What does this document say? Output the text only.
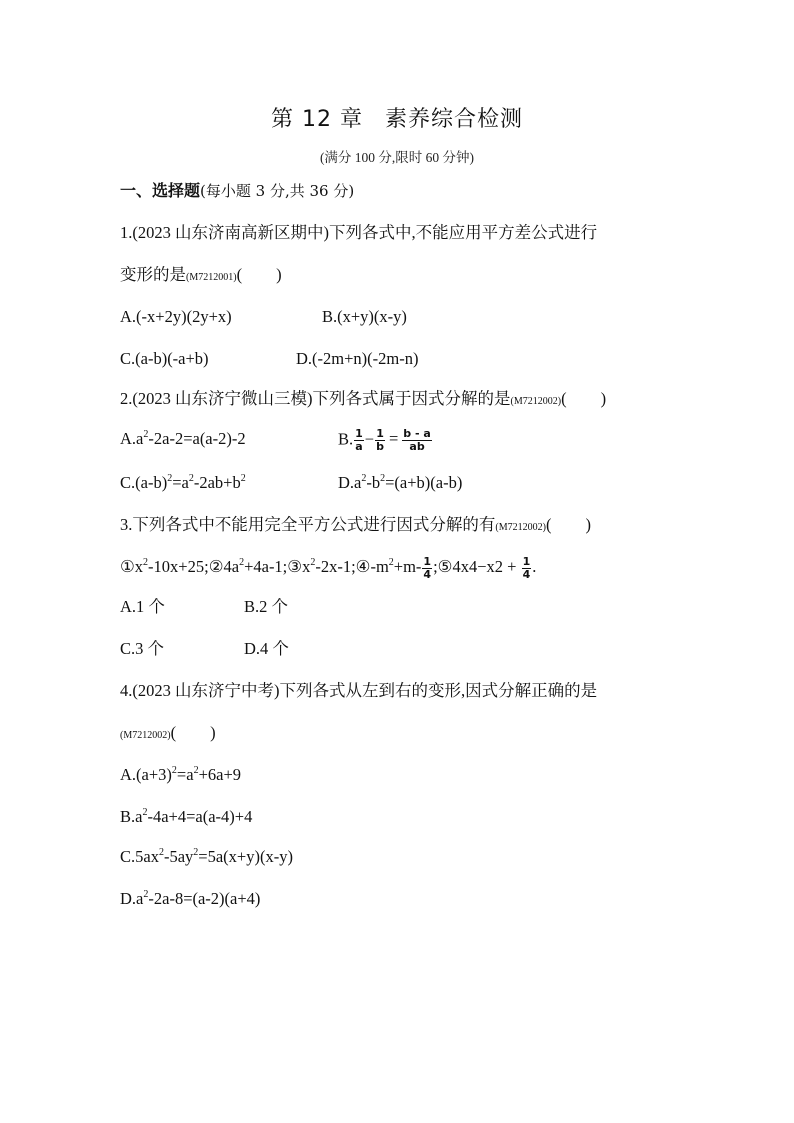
第 12 章 素养综合检测
(满分 100 分,限时 60 分钟)
一、选择题(每小题 3 分,共 36 分)
1.(2023 山东济南高新区期中)下列各式中,不能应用平方差公式进行
变形的是(M7212001)( )
A.(-x+2y)(2y+x)	B.(x+y)(x-y)
C.(a-b)(-a+b)	D.(-2m+n)(-2m-n)
2.(2023 山东济宁微山三模)下列各式属于因式分解的是(M7212002)( )
$A.a^2-2a-2=a(a-2)-2$	B. $\frac{1}{a} - \frac{1}{b} = \frac{b - a}{ab}$
$C.(a-b)^2=a^2-2ab+b^2$	$D.a^2-b^2=(a+b)(a-b)$
3.下列各式中不能用完全平方公式进行因式分解的有(M7212002)( )
$①x^2-10x+25;②4a^2+4a-1;③x^2-2x-1;④-m^2+m- \frac{1}{4}$ ;⑤4x4−x2 + $\frac{1}{4}$ .
A.1 个	B.2 个
C.3 个	D.4 个
4.(2023 山东济宁中考)下列各式从左到右的变形,因式分解正确的是
(M7212002)( )
$A.(a+3)^2=a^2+6a+9$
$B.a^2-4a+4=a(a-4)+4$
$C.5ax^2-5ay^2=5a(x+y)(x-y)$
$D.a^2-2a-8=(a-2)(a+4)$
